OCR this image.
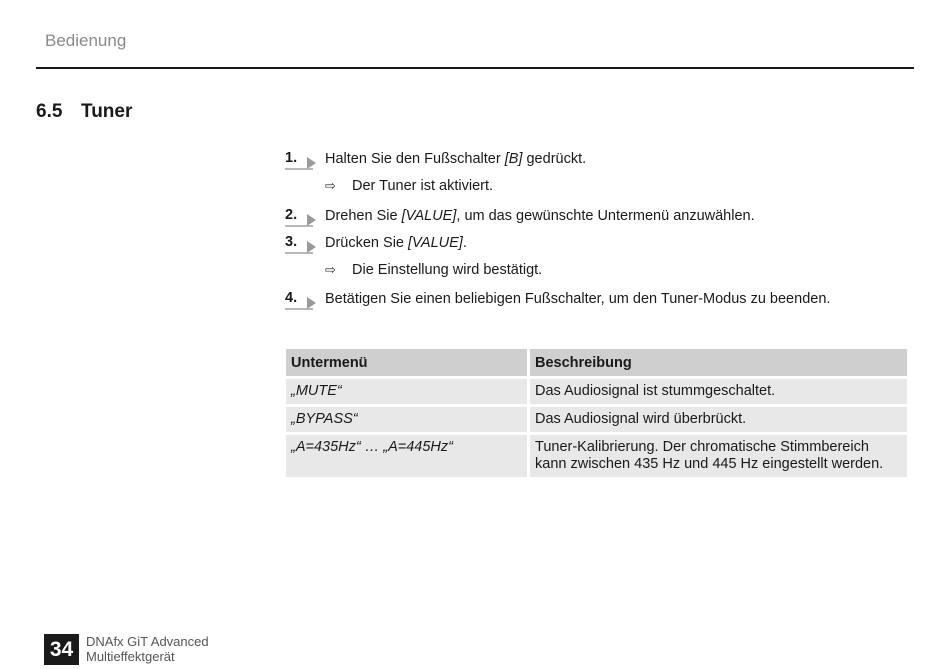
Bedienung
6.5 Tuner
1. Halten Sie den Fußschalter [B] gedrückt.
⇨	Der Tuner ist aktiviert.
2. Drehen Sie [VALUE], um das gewünschte Untermenü anzuwählen.
3. Drücken Sie [VALUE].
⇨	Die Einstellung wird bestätigt.
4. Betätigen Sie einen beliebigen Fußschalter, um den Tuner-Modus zu beenden.
Untermenü	Beschreibung
„MUTE“	Das Audiosignal ist stummgeschaltet.
„BYPASS“	Das Audiosignal wird überbrückt.
„A=435Hz“ … „A=445Hz“	Tuner-Kalibrierung. Der chromatische Stimmbereich kann zwischen 435 Hz und 445 Hz eingestellt werden.
34 DNAfx GiT Advanced
Multieffektgerät
